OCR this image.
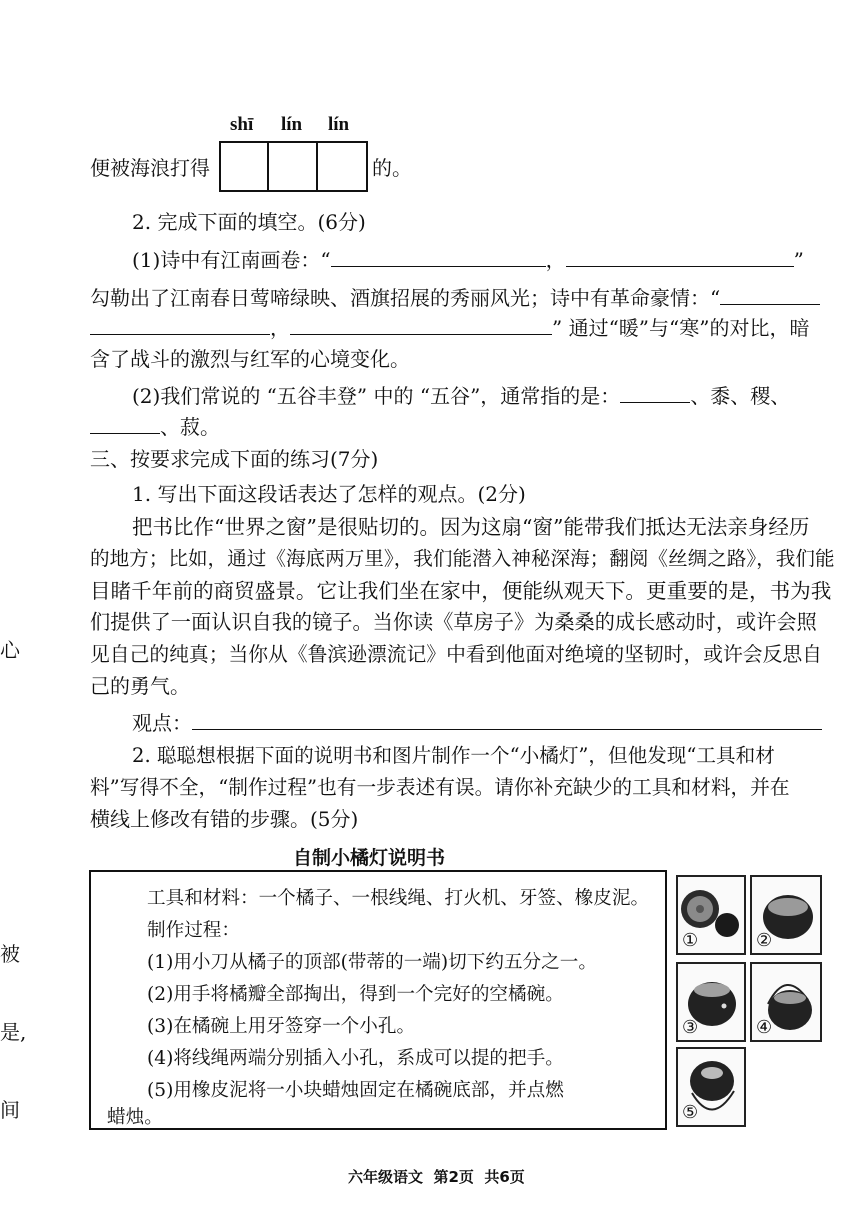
shī lín lín
便被海浪打得	的。
2. 完成下面的填空。(6分)
(1)诗中有江南画卷：“	，	”
勾勒出了江南春日莺啼绿映、酒旗招展的秀丽风光；诗中有革命豪情：“
，	” 通过“暖”与“寒”的对比，暗
含了战斗的激烈与红军的心境变化。
(2)我们常说的 “五谷丰登” 中的 “五谷”，通常指的是：	、黍、稷、
、菽。
三、按要求完成下面的练习(7分)
1. 写出下面这段话表达了怎样的观点。(2分)
把书比作“世界之窗”是很贴切的。因为这扇“窗”能带我们抵达无法亲身经历
的地方；比如，通过《海底两万里》，我们能潜入神秘深海；翻阅《丝绸之路》，我们能
目睹千年前的商贸盛景。它让我们坐在家中，便能纵观天下。更重要的是，书为我
们提供了一面认识自我的镜子。当你读《草房子》为桑桑的成长感动时，或许会照
见自己的纯真；当你从《鲁滨逊漂流记》中看到他面对绝境的坚韧时，或许会反思自
己的勇气。
观点：
2. 聪聪想根据下面的说明书和图片制作一个“小橘灯”，但他发现“工具和材
料”写得不全，“制作过程”也有一步表述有误。请你补充缺少的工具和材料，并在
横线上修改有错的步骤。(5分)
自制小橘灯说明书
工具和材料：一个橘子、一根线绳、打火机、牙签、橡皮泥。
制作过程：
(1)用小刀从橘子的顶部(带蒂的一端)切下约五分之一。
(2)用手将橘瓣全部掏出，得到一个完好的空橘碗。
(3)在橘碗上用牙签穿一个小孔。
(4)将线绳两端分别插入小孔，系成可以提的把手。
(5)用橡皮泥将一小块蜡烛固定在橘碗底部，并点燃
蜡烛。
①	②
③	④
⑤
心
被
是,
间
六年级语文  第2页  共6页
